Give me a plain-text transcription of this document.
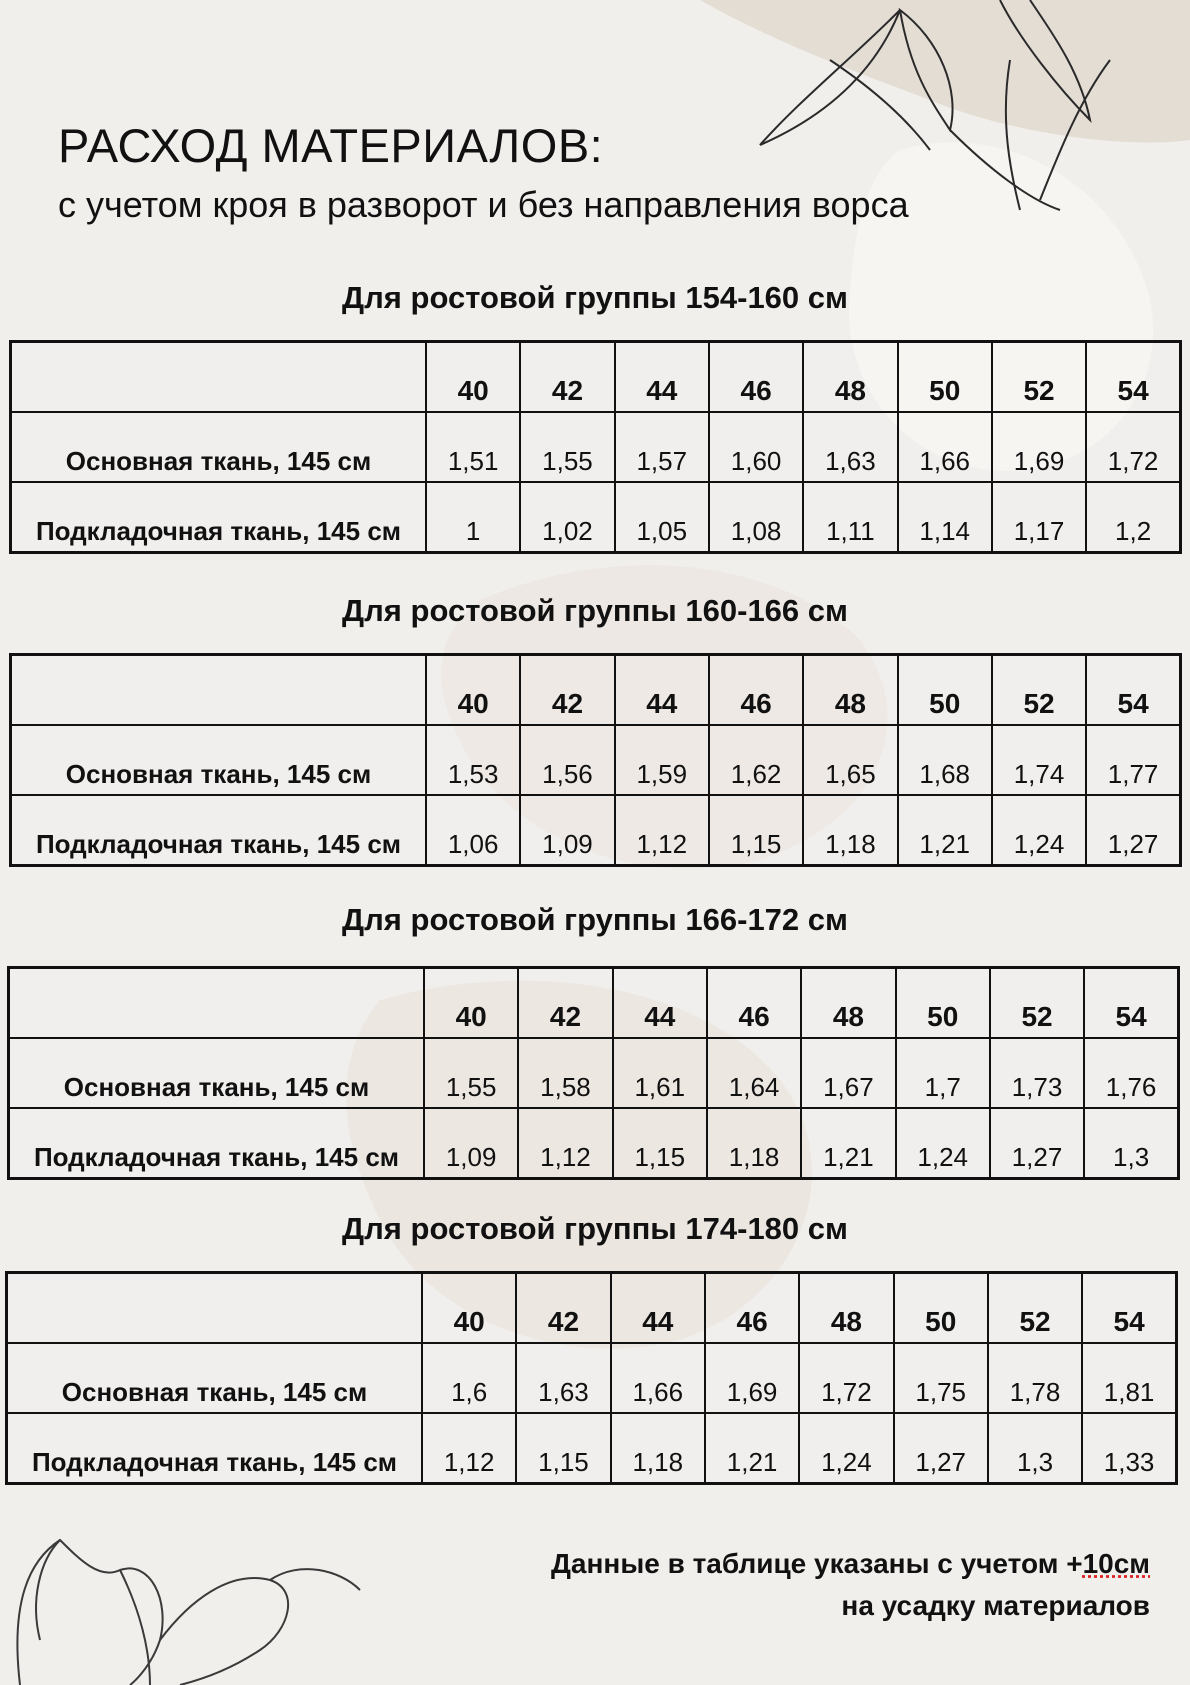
РАСХОД МАТЕРИАЛОВ:
с учетом кроя в разворот и без направления ворса
Для ростовой группы 154-160 см
	40	42	44	46	48	50	52	54
Основная ткань, 145 см	1,51	1,55	1,57	1,60	1,63	1,66	1,69	1,72
Подкладочная ткань, 145 см	1	1,02	1,05	1,08	1,11	1,14	1,17	1,2
Для ростовой группы 160-166 см
	40	42	44	46	48	50	52	54
Основная ткань, 145 см	1,53	1,56	1,59	1,62	1,65	1,68	1,74	1,77
Подкладочная ткань, 145 см	1,06	1,09	1,12	1,15	1,18	1,21	1,24	1,27
Для ростовой группы 166-172 см
	40	42	44	46	48	50	52	54
Основная ткань, 145 см	1,55	1,58	1,61	1,64	1,67	1,7	1,73	1,76
Подкладочная ткань, 145 см	1,09	1,12	1,15	1,18	1,21	1,24	1,27	1,3
Для ростовой группы 174-180 см
	40	42	44	46	48	50	52	54
Основная ткань, 145 см	1,6	1,63	1,66	1,69	1,72	1,75	1,78	1,81
Подкладочная ткань, 145 см	1,12	1,15	1,18	1,21	1,24	1,27	1,3	1,33

Данные в таблице указаны с учетом +10см
на усадку материалов
